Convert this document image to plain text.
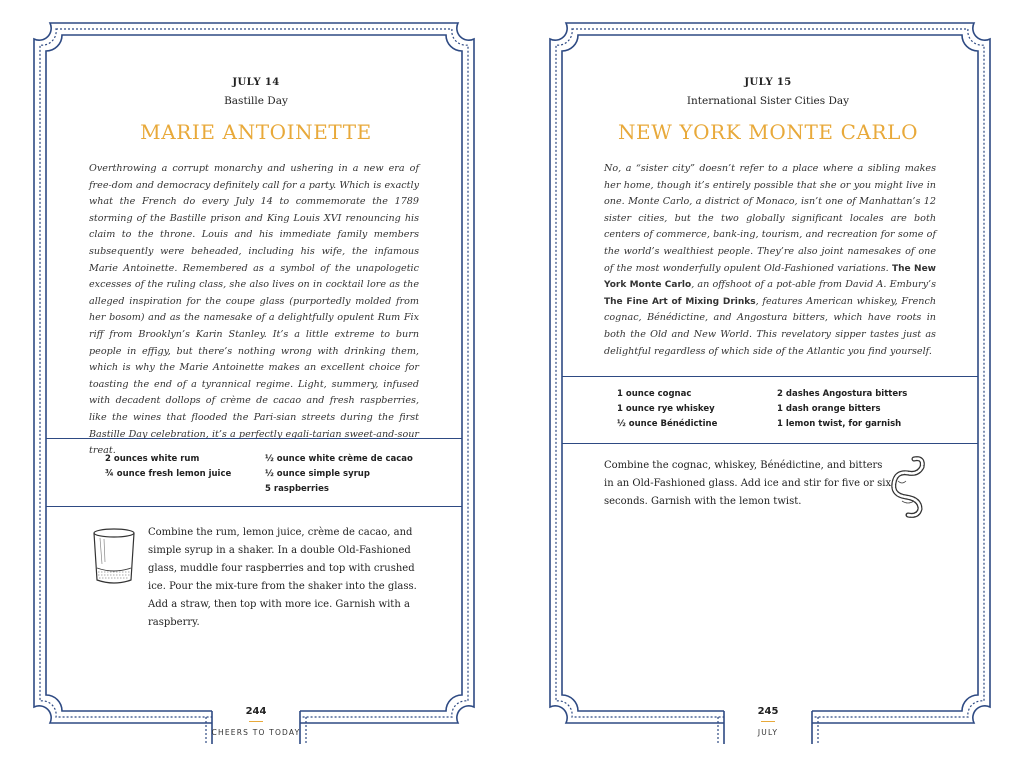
JULY 14
Bastille Day
MARIE ANTOINETTE

Overthrowing a corrupt monarchy and ushering in a new era of free-dom and democracy definitely call for a party. Which is exactly what the French do every July 14 to commemorate the 1789 storming of the Bastille prison and King Louis XVI renouncing his claim to the throne. Louis and his immediate family members subsequently were beheaded, including his wife, the infamous Marie Antoinette. Remembered as a symbol of the unapologetic excesses of the ruling class, she also lives on in cocktail lore as the alleged inspiration for the coupe glass (purportedly molded from her bosom) and as the namesake of a delightfully opulent Rum Fix riff from Brooklyn’s Karin Stanley. It’s a little extreme to burn people in effigy, but there’s nothing wrong with drinking them, which is why the Marie Antoinette makes an excellent choice for toasting the end of a tyrannical regime. Light, summery, infused with decadent dollops of crème de cacao and fresh raspberries, like the wines that flooded the Pari-sian streets during the first Bastille Day celebration, it’s a perfectly egali-tarian sweet-and-sour treat.

2 ounces white rum
¾ ounce fresh lemon juice
½ ounce white crème de cacao
½ ounce simple syrup
5 raspberries

Combine the rum, lemon juice, crème de cacao, and simple syrup in a shaker. In a double Old-Fashioned glass, muddle four raspberries and top with crushed ice. Pour the mix-ture from the shaker into the glass. Add a straw, then top with more ice. Garnish with a raspberry.

244
CHEERS TO TODAY
JULY 15
International Sister Cities Day
NEW YORK MONTE CARLO

No, a “sister city” doesn’t refer to a place where a sibling makes her home, though it’s entirely possible that she or you might live in one. Monte Carlo, a district of Monaco, isn’t one of Manhattan’s 12 sister cities, but the two globally significant locales are both centers of commerce, bank-ing, tourism, and recreation for some of the world’s wealthiest people. They’re also joint namesakes of one of the most wonderfully opulent Old-Fashioned variations. The New York Monte Carlo, an offshoot of a pot-able from David A. Embury’s The Fine Art of Mixing Drinks, features American whiskey, French cognac, Bénédictine, and Angostura bitters, which have roots in both the Old and New World. This revelatory sipper tastes just as delightful regardless of which side of the Atlantic you find yourself.

1 ounce cognac
1 ounce rye whiskey
½ ounce Bénédictine
2 dashes Angostura bitters
1 dash orange bitters
1 lemon twist, for garnish

Combine the cognac, whiskey, Bénédictine, and bitters in an Old-Fashioned glass. Add ice and stir for five or six seconds. Garnish with the lemon twist.

245
JULY
